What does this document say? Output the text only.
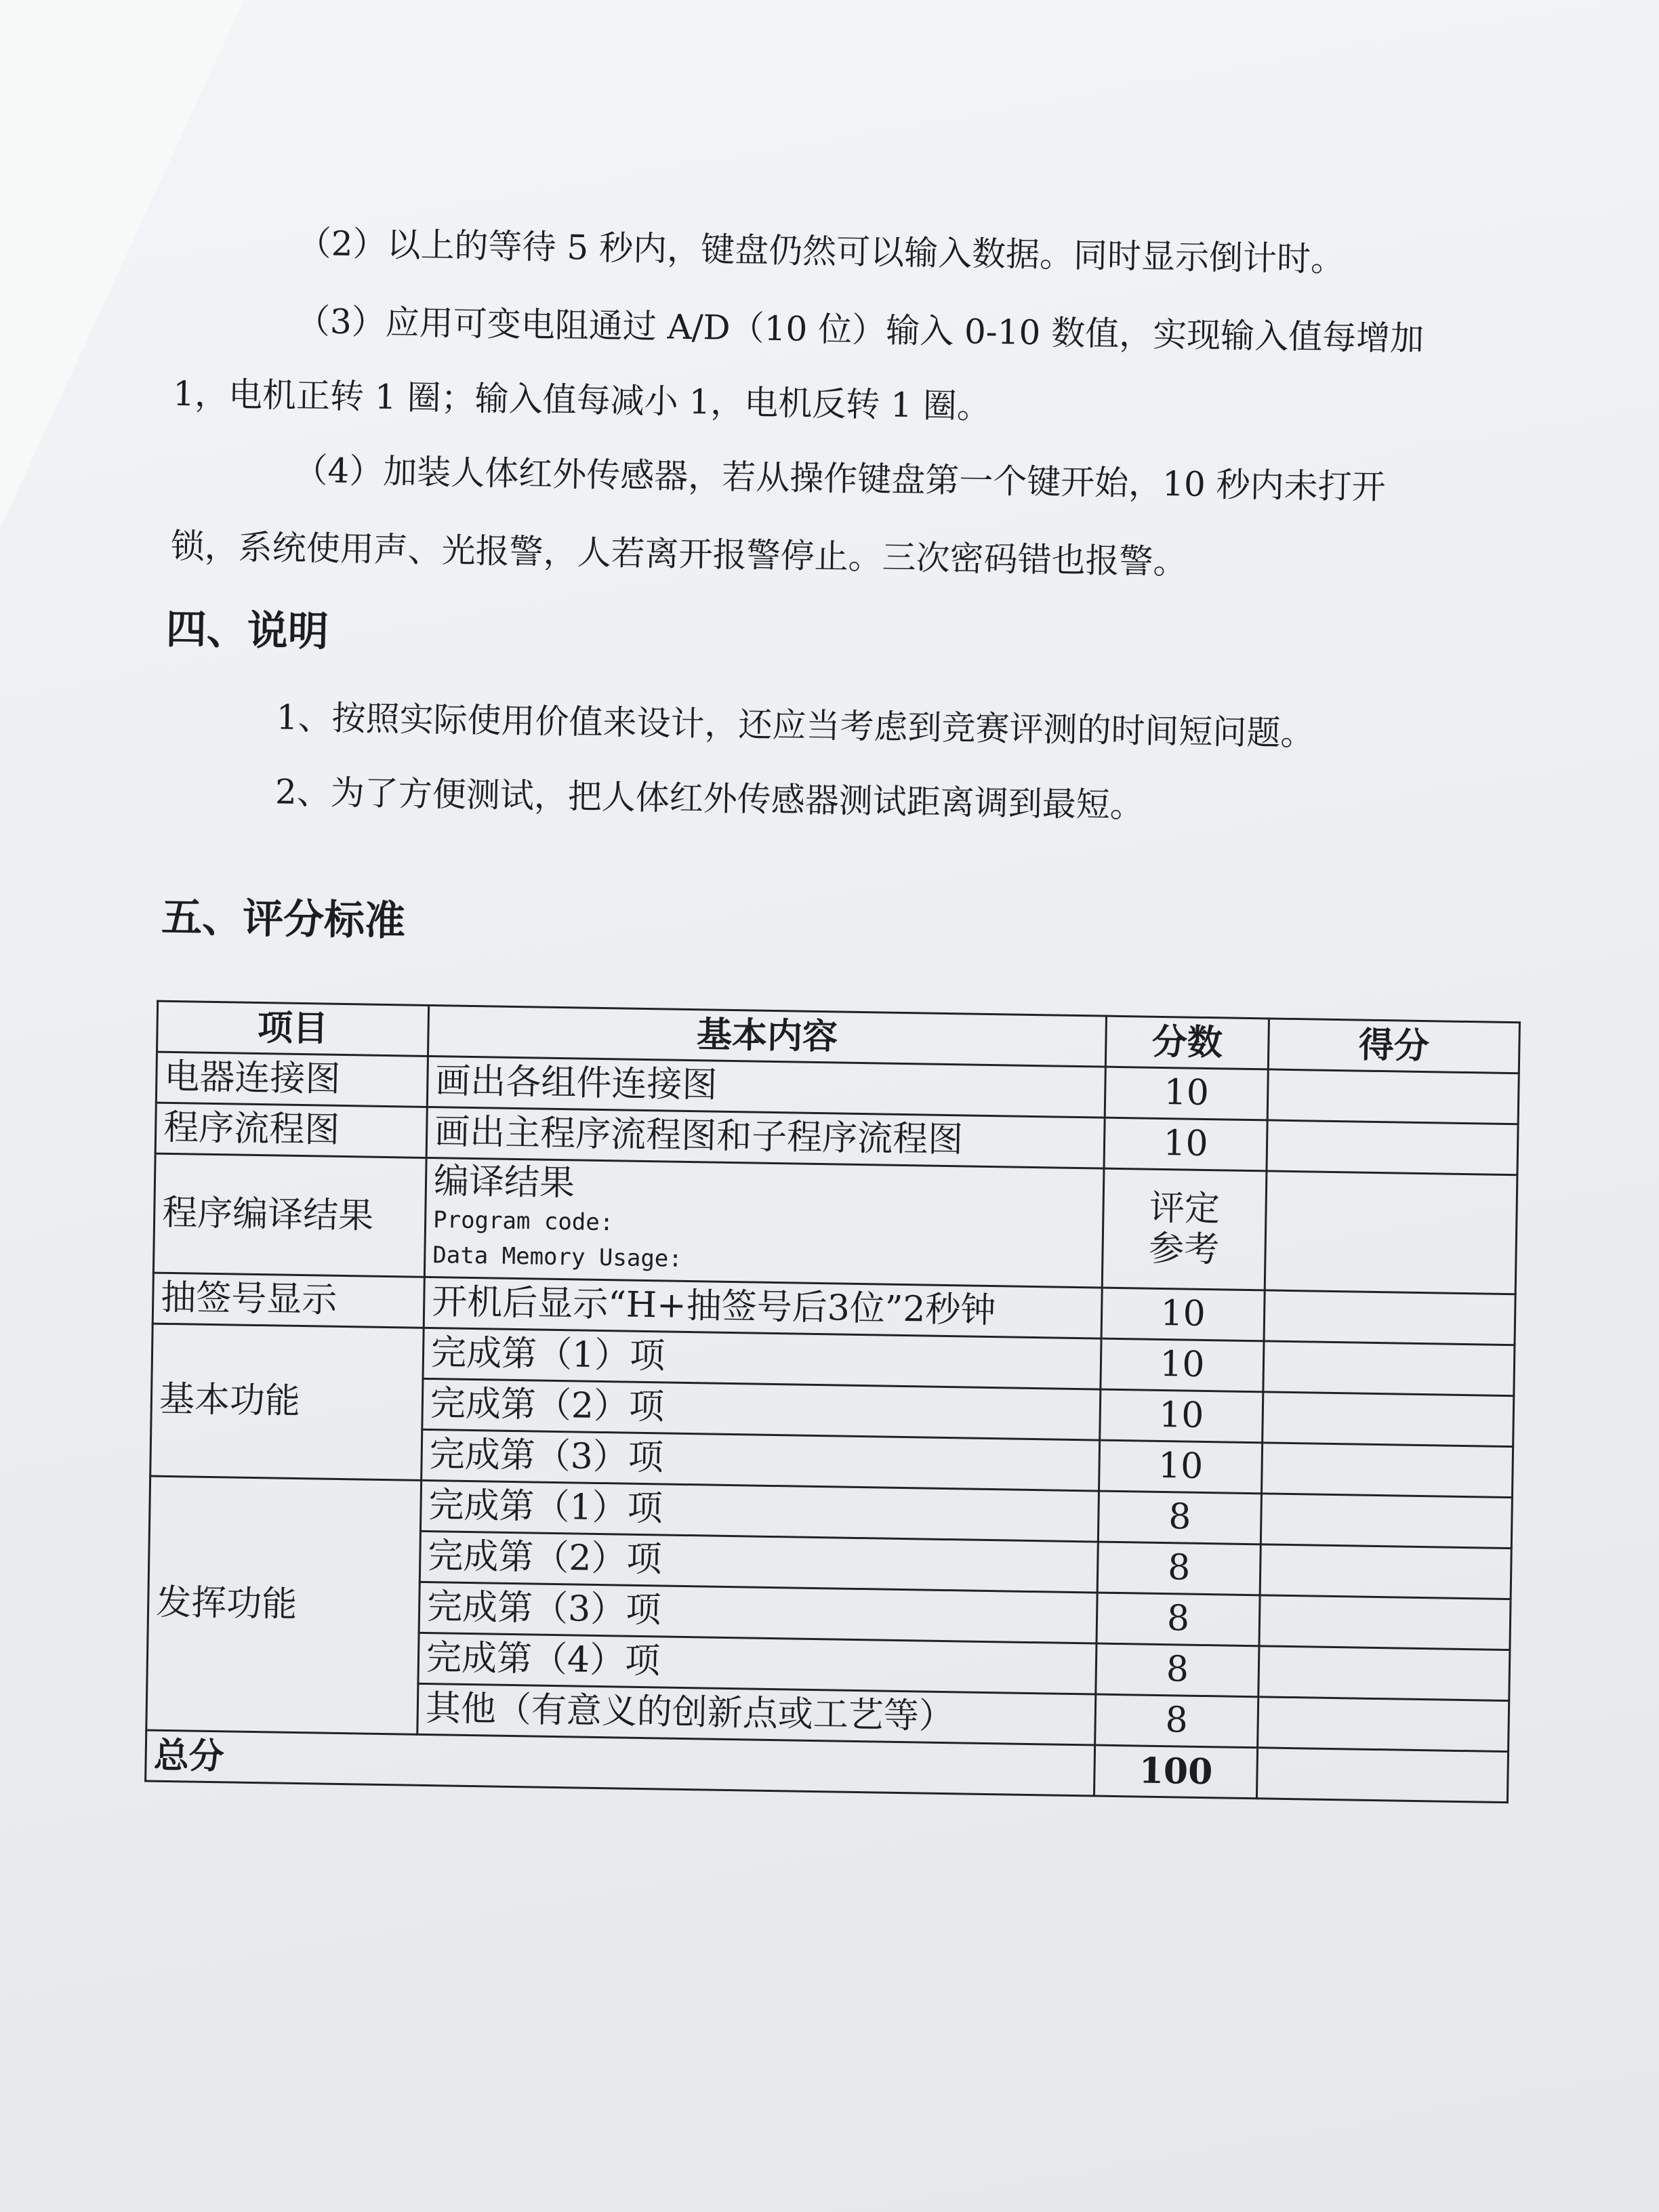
（2）以上的等待 5 秒内，键盘仍然可以输入数据。同时显示倒计时。

（3）应用可变电阻通过 A/D（10 位）输入 0-10 数值，实现输入值每增加

1，电机正转 1 圈；输入值每减小 1，电机反转 1 圈。

（4）加装人体红外传感器，若从操作键盘第一个键开始，10 秒内未打开

锁，系统使用声、光报警，人若离开报警停止。三次密码错也报警。

四、说明

1、按照实际使用价值来设计，还应当考虑到竞赛评测的时间短问题。

2、为了方便测试，把人体红外传感器测试距离调到最短。

五、评分标准
项目	基本内容	分数	得分
电器连接图	画出各组件连接图	10	
程序流程图	画出主程序流程图和子程序流程图	10	
程序编译结果	编译结果
Program code:
Data Memory Usage:	评定
参考	

抽签号显示	开机后显示“H+抽签号后3位”2秒钟	10	
基本功能	完成第（1）项	10	
	完成第（2）项	10	
	完成第（3）项	10	
发挥功能	完成第（1）项	8	
	完成第（2）项	8	
	完成第（3）项	8	
	完成第（4）项	8	
	其他（有意义的创新点或工艺等）	8	
总分		100	
